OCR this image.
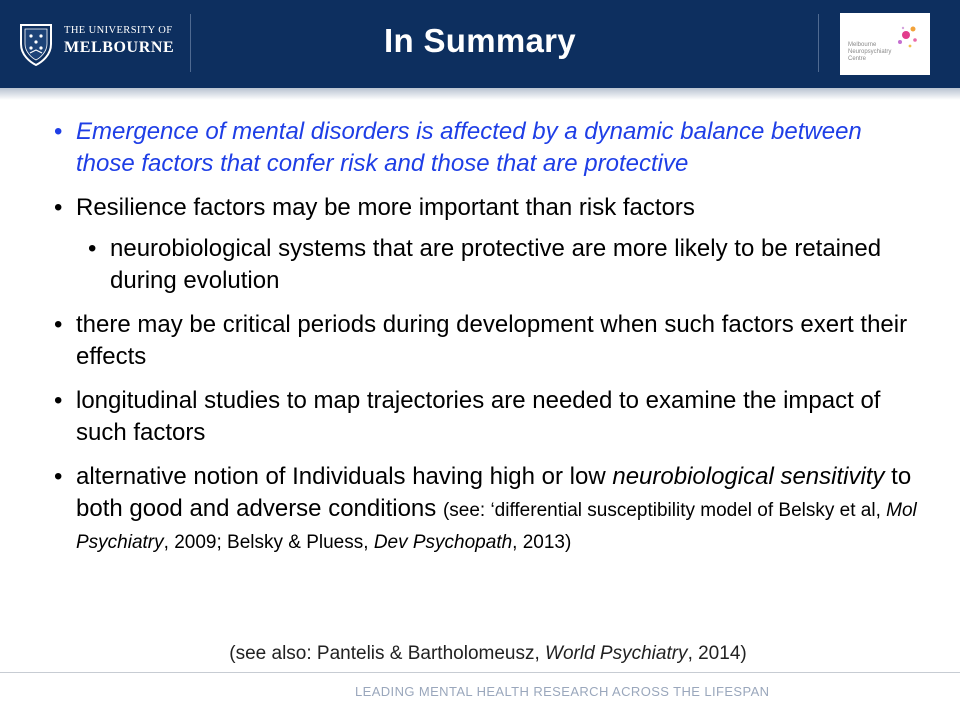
THE UNIVERSITY OF
MELBOURNE	In Summary	Melbourne Neuropsychiatry Centre
• Emergence of mental disorders is affected by a dynamic balance between those factors that confer risk and those that are protective
• Resilience factors may be more important than risk factors
• neurobiological systems that are protective are more likely to be retained during evolution
• there may be critical periods during development when such factors exert their effects
• longitudinal studies to map trajectories are needed to examine the impact of such factors
• alternative notion of Individuals having high or low neurobiological sensitivity to both good and adverse conditions (see: ‘differential susceptibility model of Belsky et al, Mol Psychiatry, 2009; Belsky & Pluess, Dev Psychopath, 2013)
(see also: Pantelis & Bartholomeusz, World Psychiatry, 2014)
LEADING MENTAL HEALTH RESEARCH ACROSS THE LIFESPAN
